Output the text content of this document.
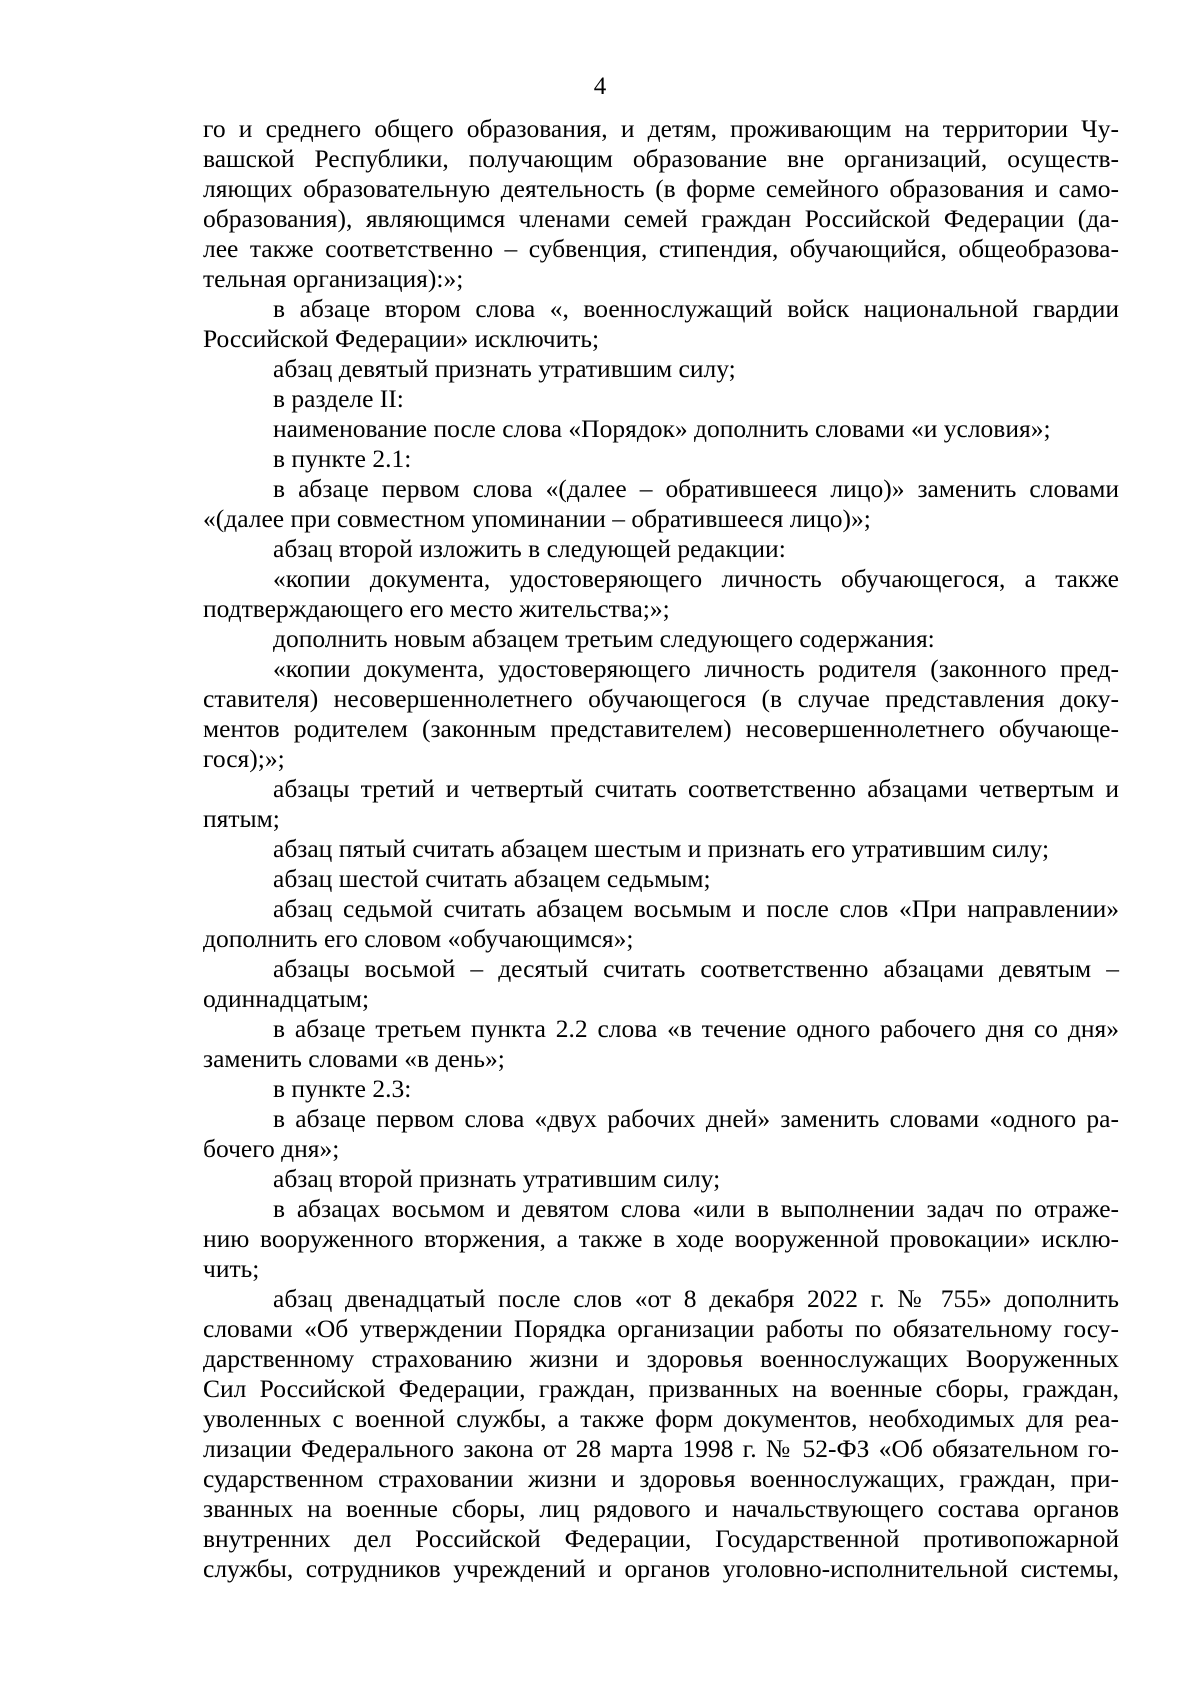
4
го и среднего общего образования, и детям, проживающим на территории Чу-
вашской Республики, получающим образование вне организаций, осуществ-
ляющих образовательную деятельность (в форме семейного образования и само-
образования), являющимся членами семей граждан Российской Федерации (да-
лее также соответственно – субвенция, стипендия, обучающийся, общеобразова-
тельная организация):»;
в абзаце втором слова «, военнослужащий войск национальной гвардии
Российской Федерации» исключить;
абзац девятый признать утратившим силу;
в разделе II:
наименование после слова «Порядок» дополнить словами «и условия»;
в пункте 2.1:
в абзаце первом слова «(далее – обратившееся лицо)» заменить словами
«(далее при совместном упоминании – обратившееся лицо)»;
абзац второй изложить в следующей редакции:
«копии документа, удостоверяющего личность обучающегося, а также
подтверждающего его место жительства;»;
дополнить новым абзацем третьим следующего содержания:
«копии документа, удостоверяющего личность родителя (законного пред-
ставителя) несовершеннолетнего обучающегося (в случае представления доку-
ментов родителем (законным представителем) несовершеннолетнего обучающе-
гося);»;
абзацы третий и четвертый считать соответственно абзацами четвертым и
пятым;
абзац пятый считать абзацем шестым и признать его утратившим силу;
абзац шестой считать абзацем седьмым;
абзац седьмой считать абзацем восьмым и после слов «При направлении»
дополнить его словом «обучающимся»;
абзацы восьмой – десятый считать соответственно абзацами девятым –
одиннадцатым;
в абзаце третьем пункта 2.2 слова «в течение одного рабочего дня со дня»
заменить словами «в день»;
в пункте 2.3:
в абзаце первом слова «двух рабочих дней» заменить словами «одного ра-
бочего дня»;
абзац второй признать утратившим силу;
в абзацах восьмом и девятом слова «или в выполнении задач по отраже-
нию вооруженного вторжения, а также в ходе вооруженной провокации» исклю-
чить;
абзац двенадцатый после слов «от 8 декабря 2022 г. № 755» дополнить
словами «Об утверждении Порядка организации работы по обязательному госу-
дарственному страхованию жизни и здоровья военнослужащих Вооруженных
Сил Российской Федерации, граждан, призванных на военные сборы, граждан,
уволенных с военной службы, а также форм документов, необходимых для реа-
лизации Федерального закона от 28 марта 1998 г. № 52-ФЗ «Об обязательном го-
сударственном страховании жизни и здоровья военнослужащих, граждан, при-
званных на военные сборы, лиц рядового и начальствующего состава органов
внутренних дел Российской Федерации, Государственной противопожарной
службы, сотрудников учреждений и органов уголовно-исполнительной системы,
